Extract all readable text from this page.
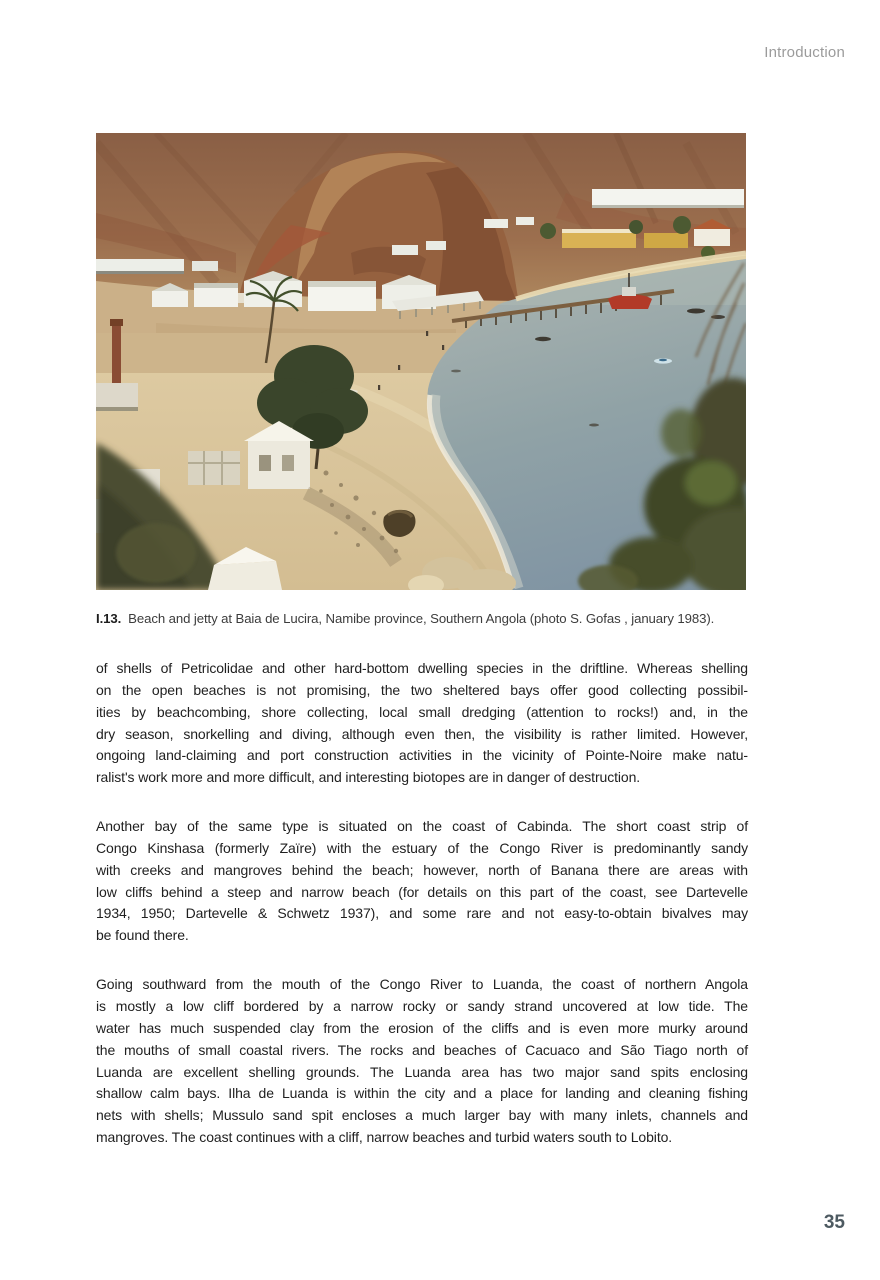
Introduction
I.13. Beach and jetty at Baia de Lucira, Namibe province, Southern Angola (photo S. Gofas , january 1983).
of shells of Petricolidae and other hard-bottom dwelling species in the driftline. Whereas shelling
on the open beaches is not promising, the two sheltered bays offer good collecting possibil-
ities by beachcombing, shore collecting, local small dredging (attention to rocks!) and, in the
dry season, snorkelling and diving, although even then, the visibility is rather limited. However,
ongoing land-claiming and port construction activities in the vicinity of Pointe-Noire make natu-
ralist's work more and more difficult, and interesting biotopes are in danger of destruction.
Another bay of the same type is situated on the coast of Cabinda. The short coast strip of
Congo Kinshasa (formerly Zaïre) with the estuary of the Congo River is predominantly sandy
with creeks and mangroves behind the beach; however, north of Banana there are areas with
low cliffs behind a steep and narrow beach (for details on this part of the coast, see Dartevelle
1934, 1950; Dartevelle & Schwetz 1937), and some rare and not easy-to-obtain bivalves may
be found there.
Going southward from the mouth of the Congo River to Luanda, the coast of northern Angola
is mostly a low cliff bordered by a narrow rocky or sandy strand uncovered at low tide. The
water has much suspended clay from the erosion of the cliffs and is even more murky around
the mouths of small coastal rivers. The rocks and beaches of Cacuaco and São Tiago north of
Luanda are excellent shelling grounds. The Luanda area has two major sand spits enclosing
shallow calm bays. Ilha de Luanda is within the city and a place for landing and cleaning fishing
nets with shells; Mussulo sand spit encloses a much larger bay with many inlets, channels and
mangroves. The coast continues with a cliff, narrow beaches and turbid waters south to Lobito.
35
